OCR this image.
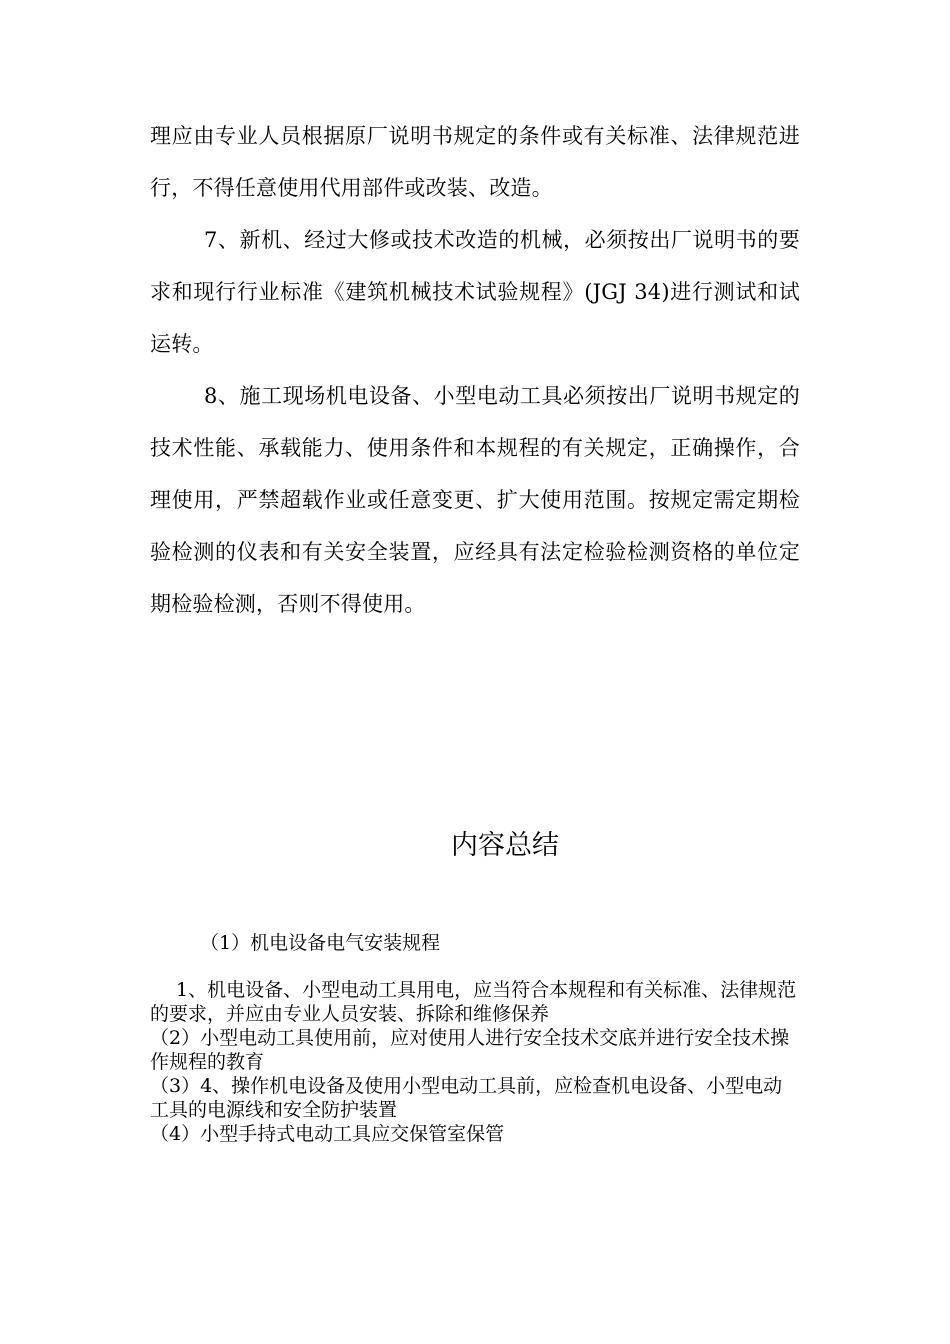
理应由专业人员根据原厂说明书规定的条件或有关标准、法律规范进行，不得任意使用代用部件或改装、改造。

7、新机、经过大修或技术改造的机械，必须按出厂说明书的要求和现行行业标准《建筑机械技术试验规程》(JGJ 34)进行测试和试运转。

8、施工现场机电设备、小型电动工具必须按出厂说明书规定的技术性能、承载能力、使用条件和本规程的有关规定，正确操作，合理使用，严禁超载作业或任意变更、扩大使用范围。按规定需定期检验检测的仪表和有关安全装置，应经具有法定检验检测资格的单位定期检验检测，否则不得使用。

内容总结

（1）机电设备电气安装规程

1、机电设备、小型电动工具用电，应当符合本规程和有关标准、法律规范的要求，并应由专业人员安装、拆除和维修保养
（2）小型电动工具使用前，应对使用人进行安全技术交底并进行安全技术操作规程的教育
（3）4、操作机电设备及使用小型电动工具前，应检查机电设备、小型电动工具的电源线和安全防护装置
（4）小型手持式电动工具应交保管室保管
